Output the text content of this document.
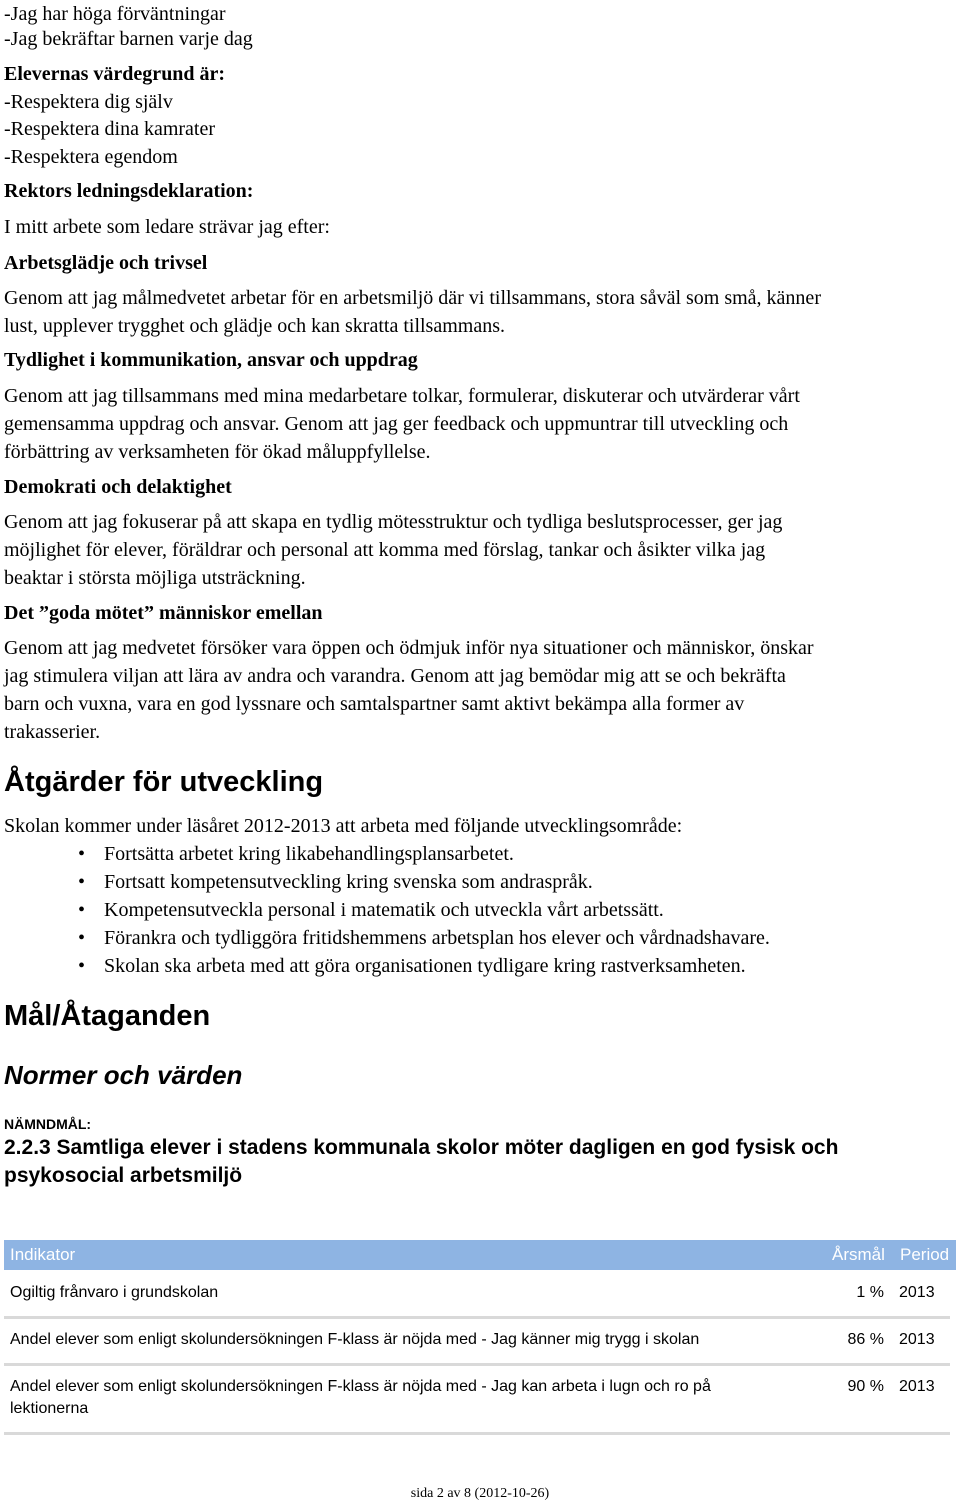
-Jag har höga förväntningar
-Jag bekräftar barnen varje dag
Elevernas värdegrund är:
-Respektera dig själv
-Respektera dina kamrater
-Respektera egendom
Rektors ledningsdeklaration:
I mitt arbete som ledare strävar jag efter:
Arbetsglädje och trivsel
Genom att jag målmedvetet arbetar för en arbetsmiljö där vi tillsammans, stora såväl som små, känner
lust, upplever trygghet och glädje och kan skratta tillsammans.
Tydlighet i kommunikation, ansvar och uppdrag
Genom att jag tillsammans med mina medarbetare tolkar, formulerar, diskuterar och utvärderar vårt
gemensamma uppdrag och ansvar. Genom att jag ger feedback och uppmuntrar till utveckling och
förbättring av verksamheten för ökad måluppfyllelse.
Demokrati och delaktighet
Genom att jag fokuserar på att skapa en tydlig mötesstruktur och tydliga beslutsprocesser, ger jag
möjlighet för elever, föräldrar och personal att komma med förslag, tankar och åsikter vilka jag
beaktar i största möjliga utsträckning.
Det ”goda mötet” människor emellan
Genom att jag medvetet försöker vara öppen och ödmjuk inför nya situationer och människor, önskar
jag stimulera viljan att lära av andra och varandra. Genom att jag bemödar mig att se och bekräfta
barn och vuxna, vara en god lyssnare och samtalspartner samt aktivt bekämpa alla former av
trakasserier.
Åtgärder för utveckling
Skolan kommer under läsåret 2012-2013 att arbeta med följande utvecklingsområde:
• Fortsätta arbetet kring likabehandlingsplansarbetet.
• Fortsatt kompetensutveckling kring svenska som andraspråk.
• Kompetensutveckla personal i matematik och utveckla vårt arbetssätt.
• Förankra och tydliggöra fritidshemmens arbetsplan hos elever och vårdnadshavare.
• Skolan ska arbeta med att göra organisationen tydligare kring rastverksamheten.
Mål/Åtaganden
Normer och värden
NÄMNDMÅL:
2.2.3 Samtliga elever i stadens kommunala skolor möter dagligen en god fysisk och psykosocial arbetsmiljö
Indikator	Årsmål Period
Ogiltig frånvaro i grundskolan	1 % 2013
Andel elever som enligt skolundersökningen F-klass är nöjda med - Jag känner mig trygg i skolan	86 % 2013
Andel elever som enligt skolundersökningen F-klass är nöjda med - Jag kan arbeta i lugn och ro på lektionerna
90 % 2013
sida 2 av 8 (2012-10-26)
